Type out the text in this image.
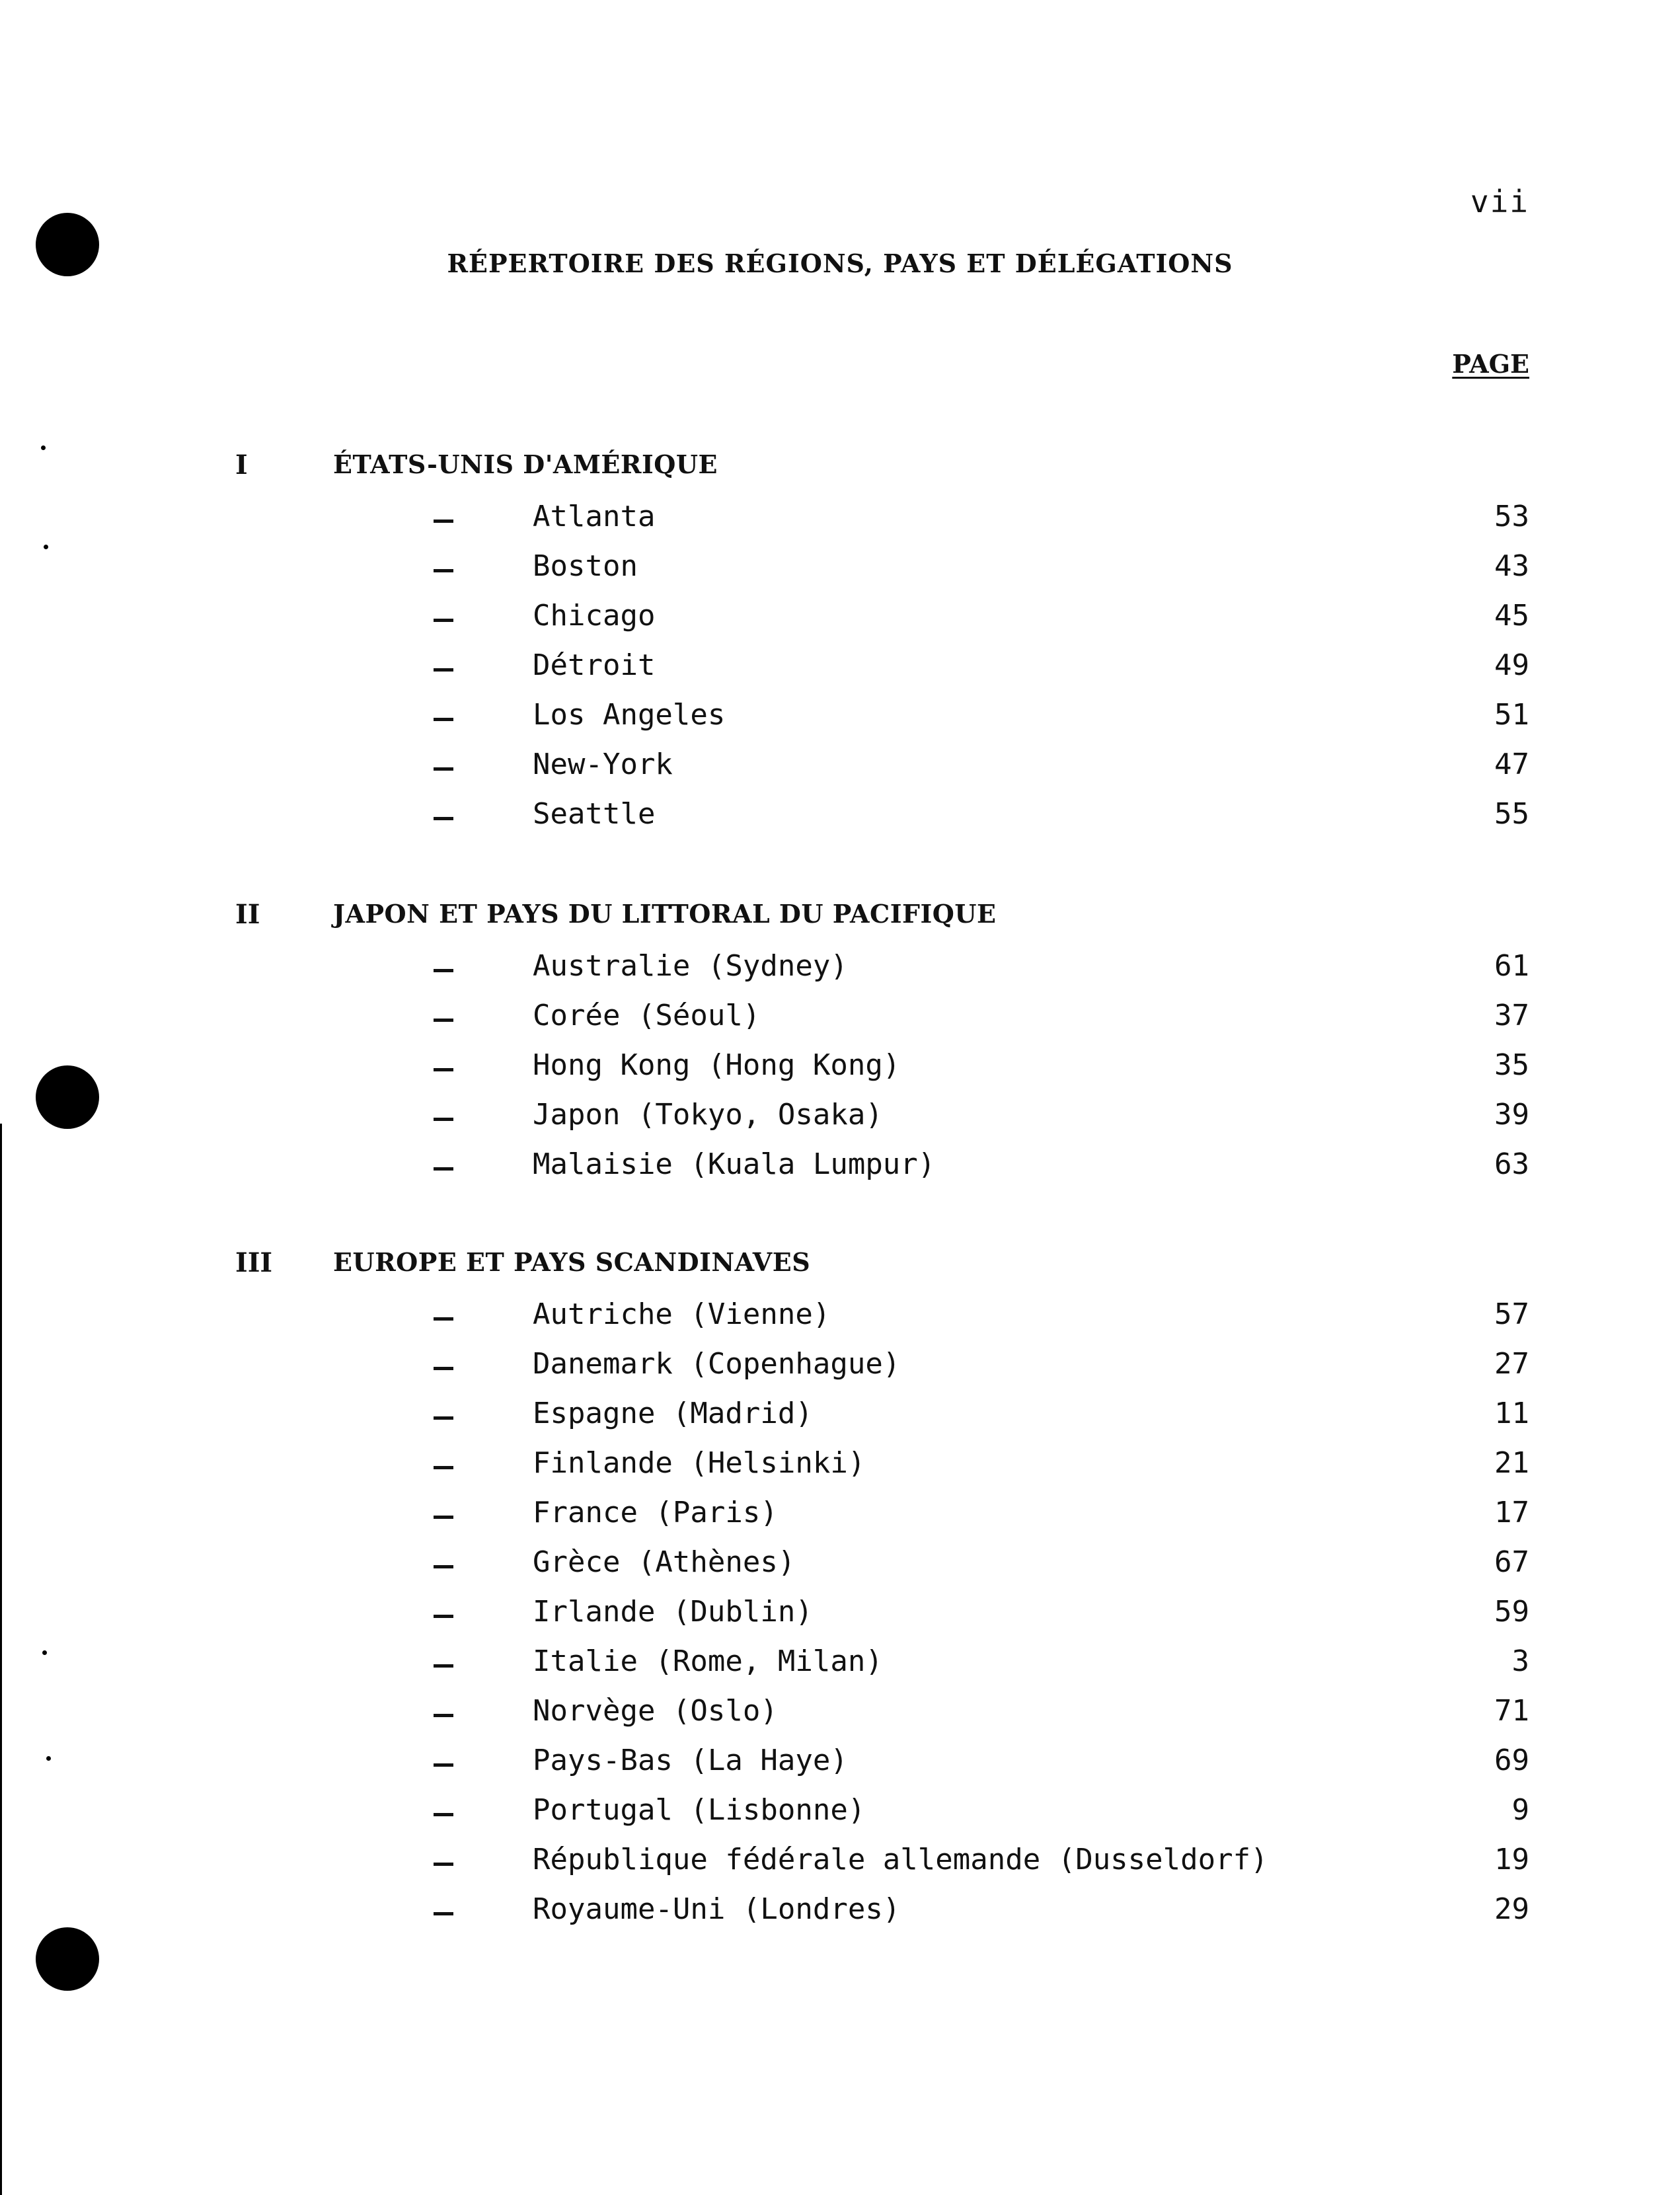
vii
RÉPERTOIRE DES RÉGIONS, PAYS ET DÉLÉGATIONS
PAGE
I	ÉTATS-UNIS D'AMÉRIQUE
Atlanta	53
Boston	43
Chicago	45
Détroit	49
Los Angeles	51
New-York	47
Seattle	55
II	JAPON ET PAYS DU LITTORAL DU PACIFIQUE
Australie (Sydney)	61
Corée (Séoul)	37
Hong Kong (Hong Kong)	35
Japon (Tokyo, Osaka)	39
Malaisie (Kuala Lumpur)	63
III EUROPE ET PAYS SCANDINAVES
Autriche (Vienne)	57
Danemark (Copenhague)	27
Espagne (Madrid)	11
Finlande (Helsinki)	21
France (Paris)	17
Grèce (Athènes)	67
Irlande (Dublin)	59
Italie (Rome, Milan)	3
Norvège (Oslo)	71
Pays-Bas (La Haye)	69
Portugal (Lisbonne)	9
République fédérale allemande (Dusseldorf)	19
Royaume-Uni (Londres)	29
